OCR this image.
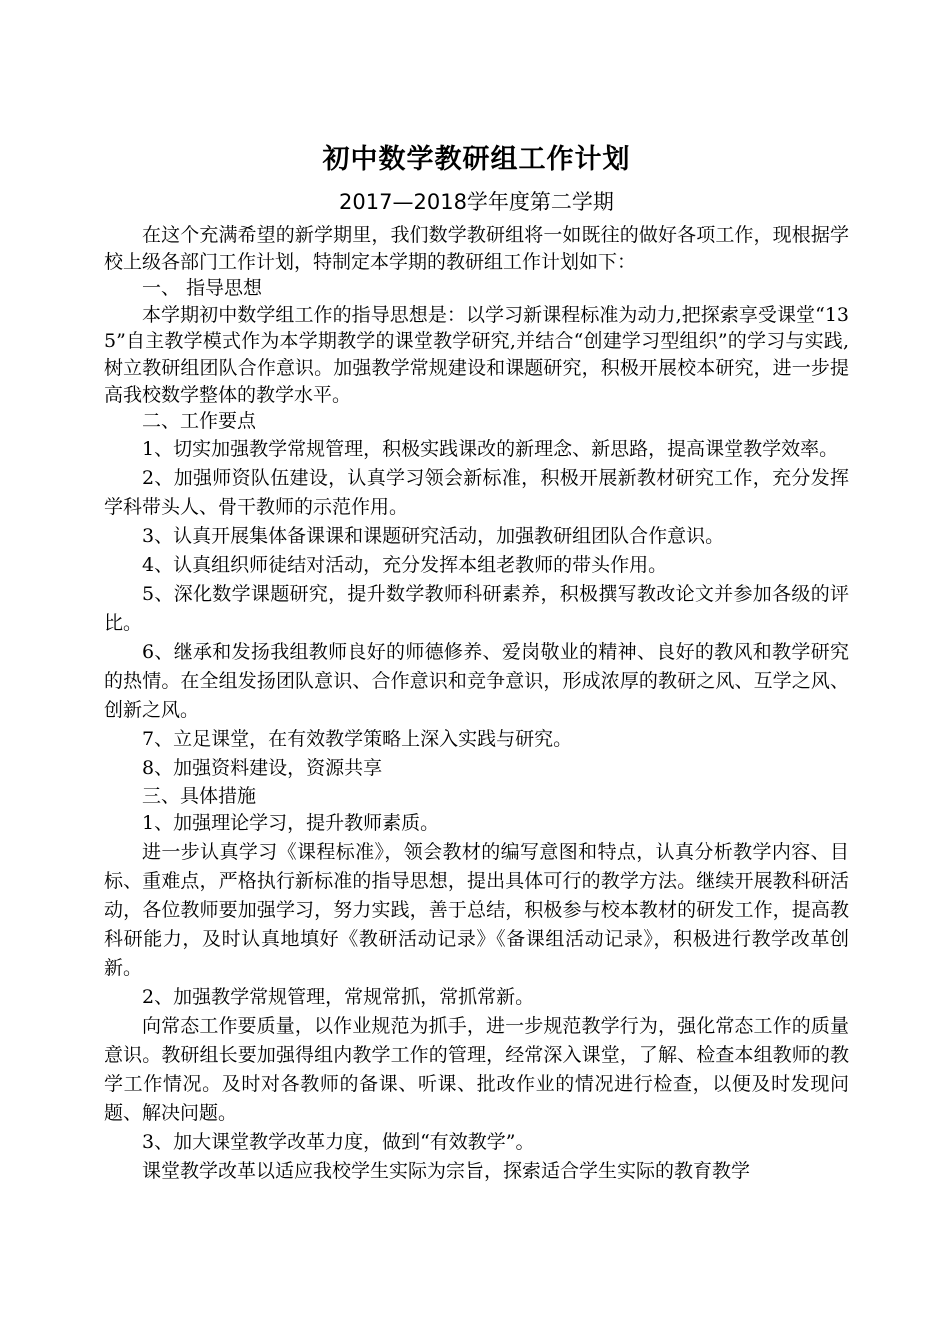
初中数学教研组工作计划

2017—2018学年度第二学期

在这个充满希望的新学期里，我们数学教研组将一如既往的做好各项工作，现根据学校上级各部门工作计划，特制定本学期的教研组工作计划如下：

一、 指导思想

本学期初中数学组工作的指导思想是：以学习新课程标准为动力,把探索享受课堂“135”自主教学模式作为本学期教学的课堂教学研究,并结合“创建学习型组织”的学习与实践,树立教研组团队合作意识。加强教学常规建设和课题研究，积极开展校本研究，进一步提高我校数学整体的教学水平。

二、工作要点

1、切实加强教学常规管理，积极实践课改的新理念、新思路，提高课堂教学效率。

2、加强师资队伍建设，认真学习领会新标准，积极开展新教材研究工作，充分发挥学科带头人、骨干教师的示范作用。

3、认真开展集体备课课和课题研究活动，加强教研组团队合作意识。

4、认真组织师徒结对活动，充分发挥本组老教师的带头作用。

5、深化数学课题研究，提升数学教师科研素养，积极撰写教改论文并参加各级的评比。

6、继承和发扬我组教师良好的师德修养、爱岗敬业的精神、良好的教风和教学研究的热情。在全组发扬团队意识、合作意识和竞争意识，形成浓厚的教研之风、互学之风、创新之风。

7、立足课堂，在有效教学策略上深入实践与研究。

8、加强资料建设，资源共享

三、具体措施

1、加强理论学习，提升教师素质。

进一步认真学习《课程标准》，领会教材的编写意图和特点，认真分析教学内容、目标、重难点，严格执行新标准的指导思想，提出具体可行的教学方法。继续开展教科研活动，各位教师要加强学习，努力实践，善于总结，积极参与校本教材的研发工作，提高教科研能力，及时认真地填好《教研活动记录》《备课组活动记录》，积极进行教学改革创新。

2、加强教学常规管理，常规常抓，常抓常新。

向常态工作要质量，以作业规范为抓手，进一步规范教学行为，强化常态工作的质量意识。教研组长要加强得组内教学工作的管理，经常深入课堂，了解、检查本组教师的教学工作情况。及时对各教师的备课、听课、批改作业的情况进行检查，以便及时发现问题、解决问题。

3、加大课堂教学改革力度，做到“有效教学”。

课堂教学改革以适应我校学生实际为宗旨，探索适合学生实际的教育教学
